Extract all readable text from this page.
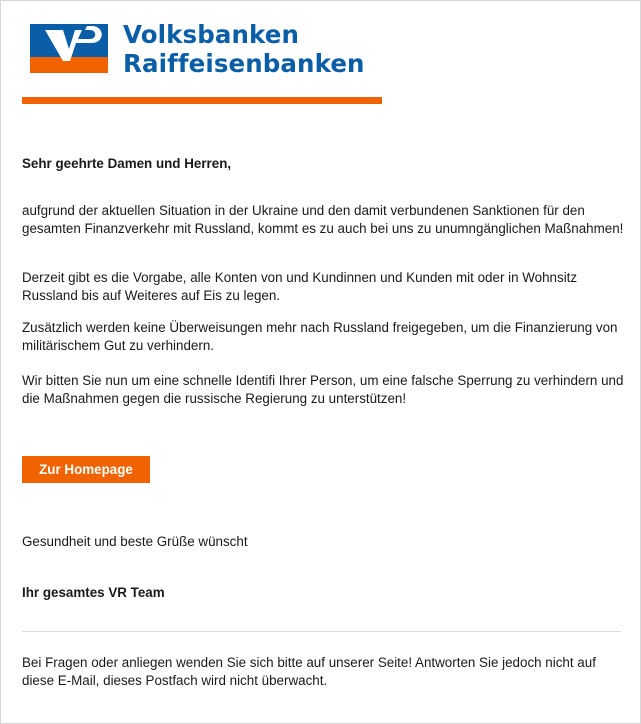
Volksbanken
Raiffeisenbanken
Sehr geehrte Damen und Herren,
aufgrund der aktuellen Situation in der Ukraine und den damit verbundenen Sanktionen für den gesamten Finanzverkehr mit Russland, kommt es zu auch bei uns zu unumngänglichen Maßnahmen!
Derzeit gibt es die Vorgabe, alle Konten von und Kundinnen und Kunden mit oder in Wohnsitz Russland bis auf Weiteres auf Eis zu legen.
Zusätzlich werden keine Überweisungen mehr nach Russland freigegeben, um die Finanzierung von militärischem Gut zu verhindern.
Wir bitten Sie nun um eine schnelle Identifi Ihrer Person, um eine falsche Sperrung zu verhindern und die Maßnahmen gegen die russische Regierung zu unterstützen!
Gesundheit und beste Grüße wünscht
Ihr gesamtes VR Team
Bei Fragen oder anliegen wenden Sie sich bitte auf unserer Seite! Antworten Sie jedoch nicht auf diese E-Mail, dieses Postfach wird nicht überwacht.
Zur Homepage
